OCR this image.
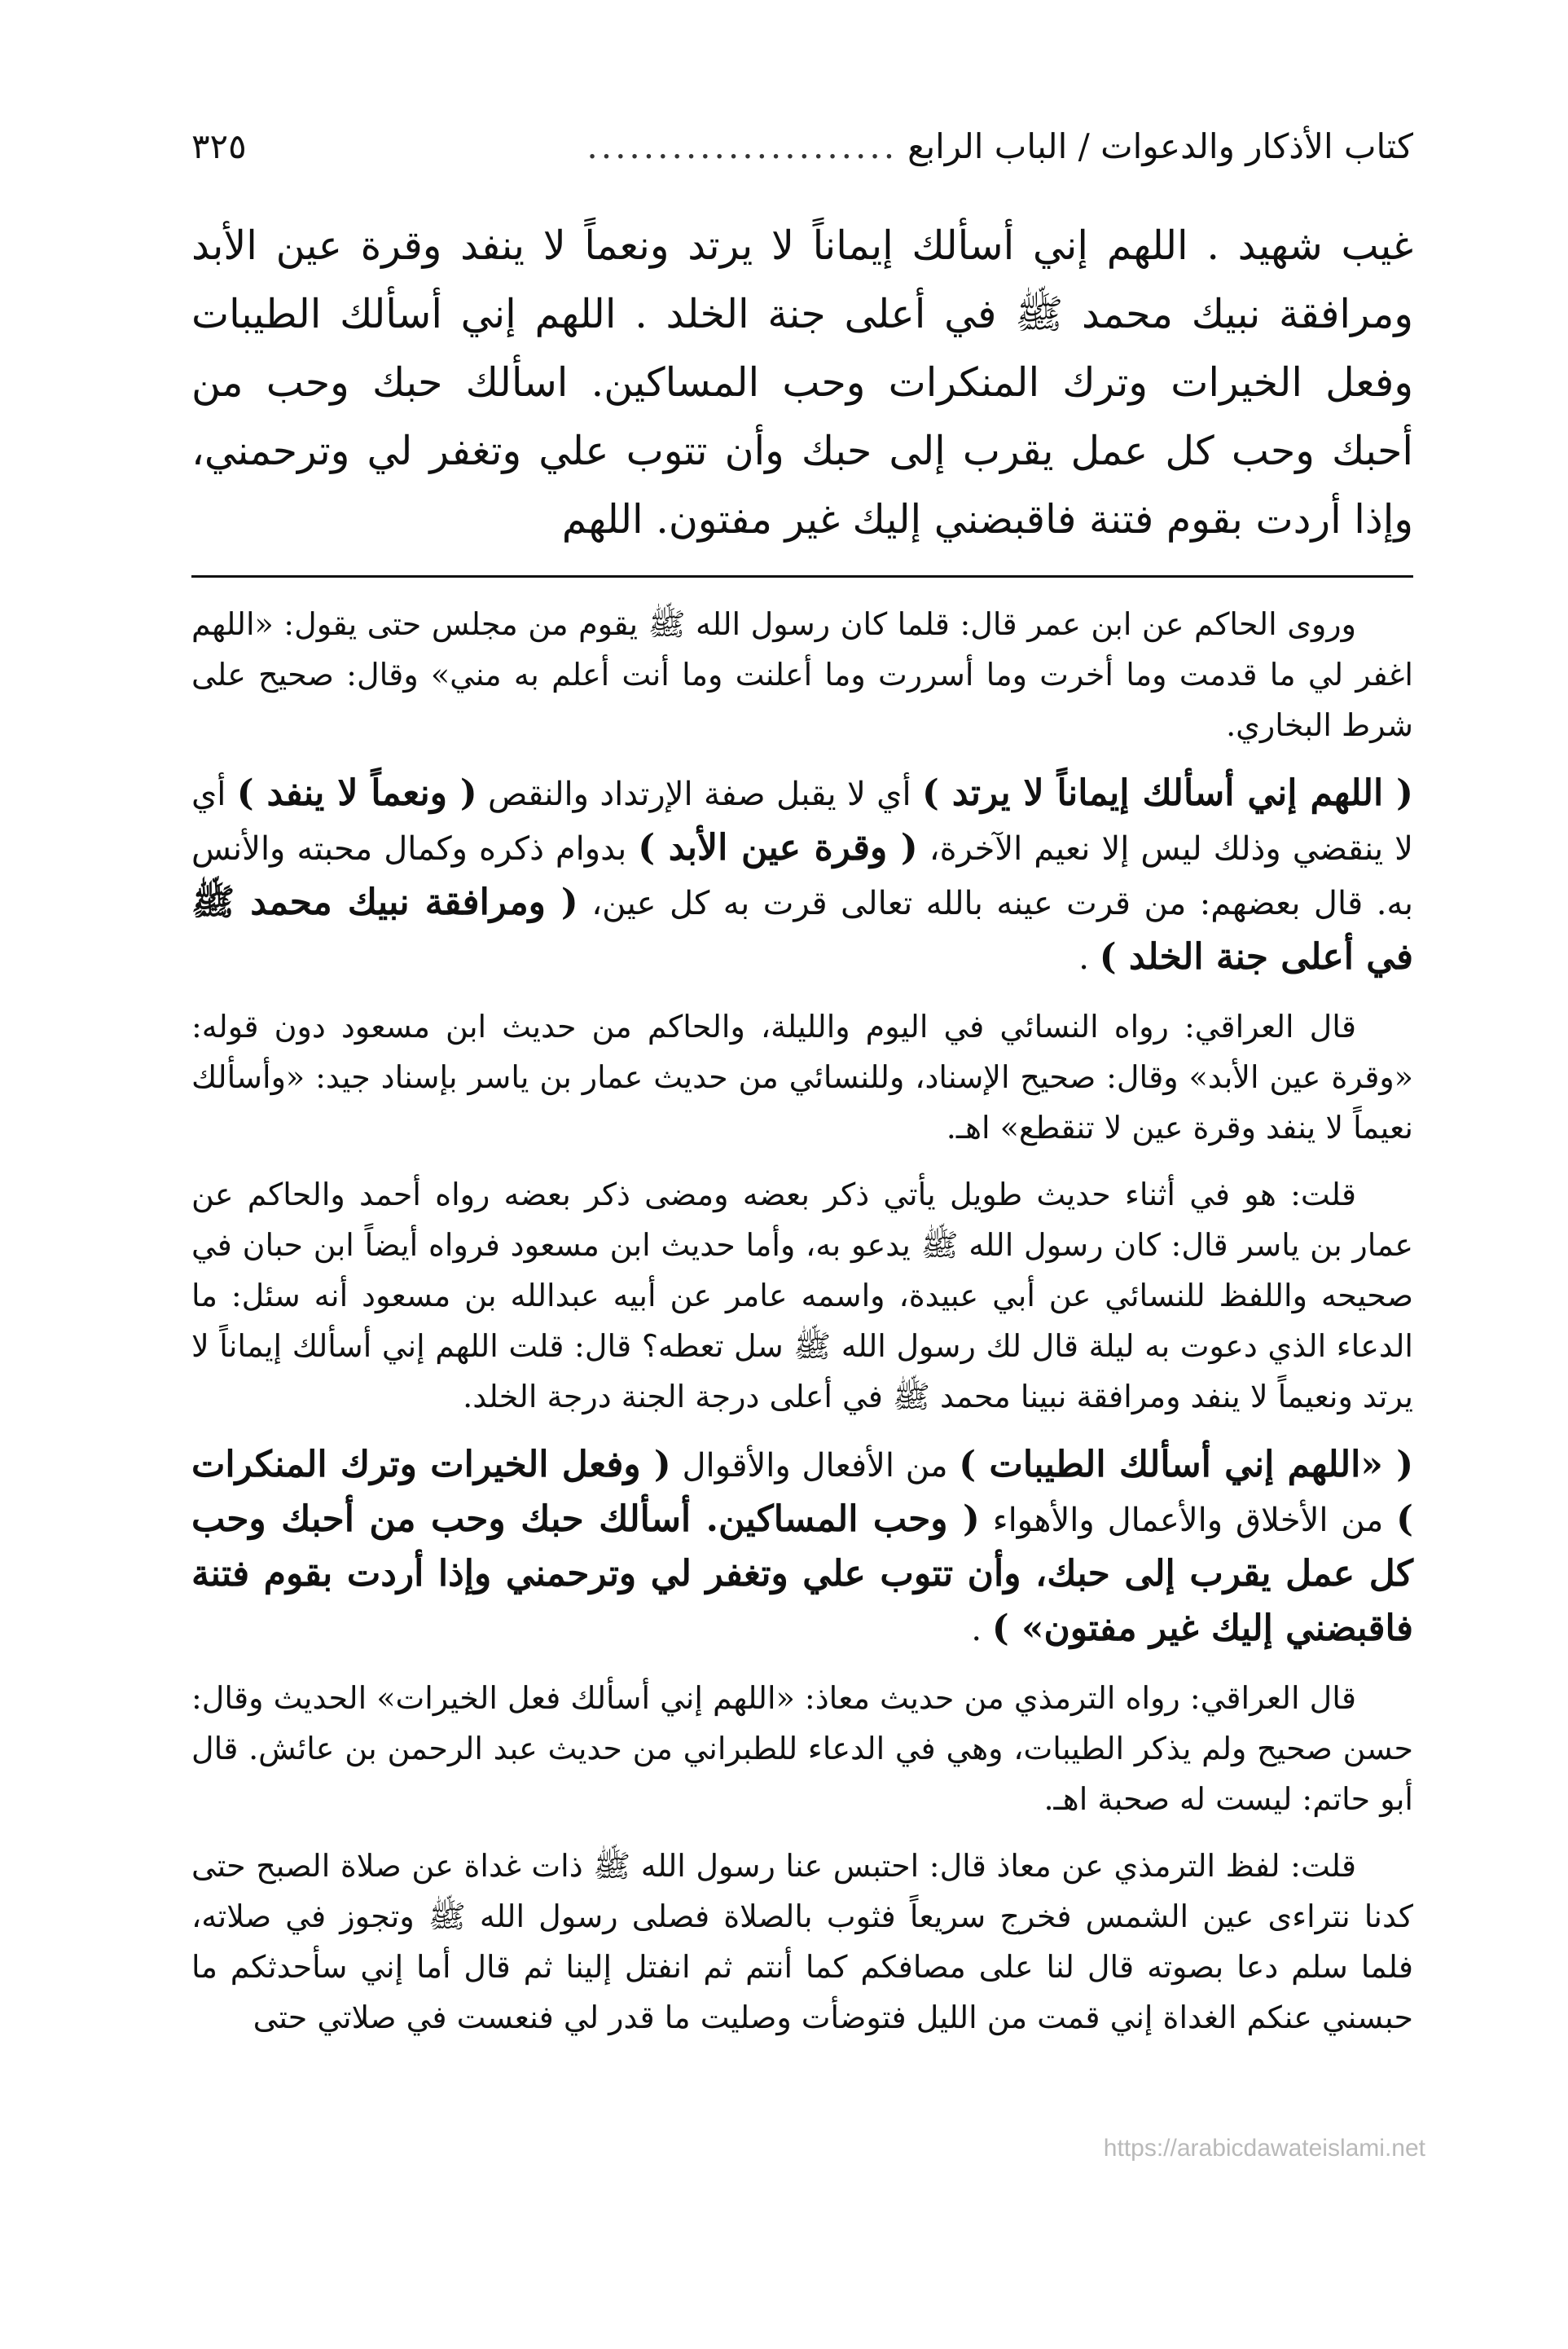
كتاب الأذكار والدعوات / الباب الرابع
......................
٣٢٥

غيب شهيد . اللهم إني أسألك إيماناً لا يرتد ونعماً لا ينفد وقرة عين الأبد ومرافقة نبيك محمد ﷺ في أعلى جنة الخلد . اللهم إني أسألك الطيبات وفعل الخيرات وترك المنكرات وحب المساكين. اسألك حبك وحب من أحبك وحب كل عمل يقرب إلى حبك وأن تتوب علي وتغفر لي وترحمني، وإذا أردت بقوم فتنة فاقبضني إليك غير مفتون. اللهم

وروى الحاكم عن ابن عمر قال: قلما كان رسول الله ﷺ يقوم من مجلس حتى يقول: «اللهم اغفر لي ما قدمت وما أخرت وما أسررت وما أعلنت وما أنت أعلم به مني» وقال: صحيح على شرط البخاري.

( اللهم إني أسألك إيماناً لا يرتد ) أي لا يقبل صفة الإرتداد والنقص ( ونعماً لا ينفد ) أي لا ينقضي وذلك ليس إلا نعيم الآخرة، ( وقرة عين الأبد ) بدوام ذكره وكمال محبته والأنس به. قال بعضهم: من قرت عينه بالله تعالى قرت به كل عين، ( ومرافقة نبيك محمد ﷺ في أعلى جنة الخلد ) .

قال العراقي: رواه النسائي في اليوم والليلة، والحاكم من حديث ابن مسعود دون قوله: «وقرة عين الأبد» وقال: صحيح الإسناد، وللنسائي من حديث عمار بن ياسر بإسناد جيد: «وأسألك نعيماً لا ينفد وقرة عين لا تنقطع» اهـ.

قلت: هو في أثناء حديث طويل يأتي ذكر بعضه ومضى ذكر بعضه رواه أحمد والحاكم عن عمار بن ياسر قال: كان رسول الله ﷺ يدعو به، وأما حديث ابن مسعود فرواه أيضاً ابن حبان في صحيحه واللفظ للنسائي عن أبي عبيدة، واسمه عامر عن أبيه عبدالله بن مسعود أنه سئل: ما الدعاء الذي دعوت به ليلة قال لك رسول الله ﷺ سل تعطه؟ قال: قلت اللهم إني أسألك إيماناً لا يرتد ونعيماً لا ينفد ومرافقة نبينا محمد ﷺ في أعلى درجة الجنة درجة الخلد.

( «اللهم إني أسألك الطيبات ) من الأفعال والأقوال ( وفعل الخيرات وترك المنكرات ) من الأخلاق والأعمال والأهواء ( وحب المساكين. أسألك حبك وحب من أحبك وحب كل عمل يقرب إلى حبك، وأن تتوب علي وتغفر لي وترحمني وإذا أردت بقوم فتنة فاقبضني إليك غير مفتون» ) .

قال العراقي: رواه الترمذي من حديث معاذ: «اللهم إني أسألك فعل الخيرات» الحديث وقال: حسن صحيح ولم يذكر الطيبات، وهي في الدعاء للطبراني من حديث عبد الرحمن بن عائش. قال أبو حاتم: ليست له صحبة اهـ.

قلت: لفظ الترمذي عن معاذ قال: احتبس عنا رسول الله ﷺ ذات غداة عن صلاة الصبح حتى كدنا نتراءى عين الشمس فخرج سريعاً فثوب بالصلاة فصلى رسول الله ﷺ وتجوز في صلاته، فلما سلم دعا بصوته قال لنا على مصافكم كما أنتم ثم انفتل إلينا ثم قال أما إني سأحدثكم ما حبسني عنكم الغداة إني قمت من الليل فتوضأت وصليت ما قدر لي فنعست في صلاتي حتى

https://arabicdawateislami.net
